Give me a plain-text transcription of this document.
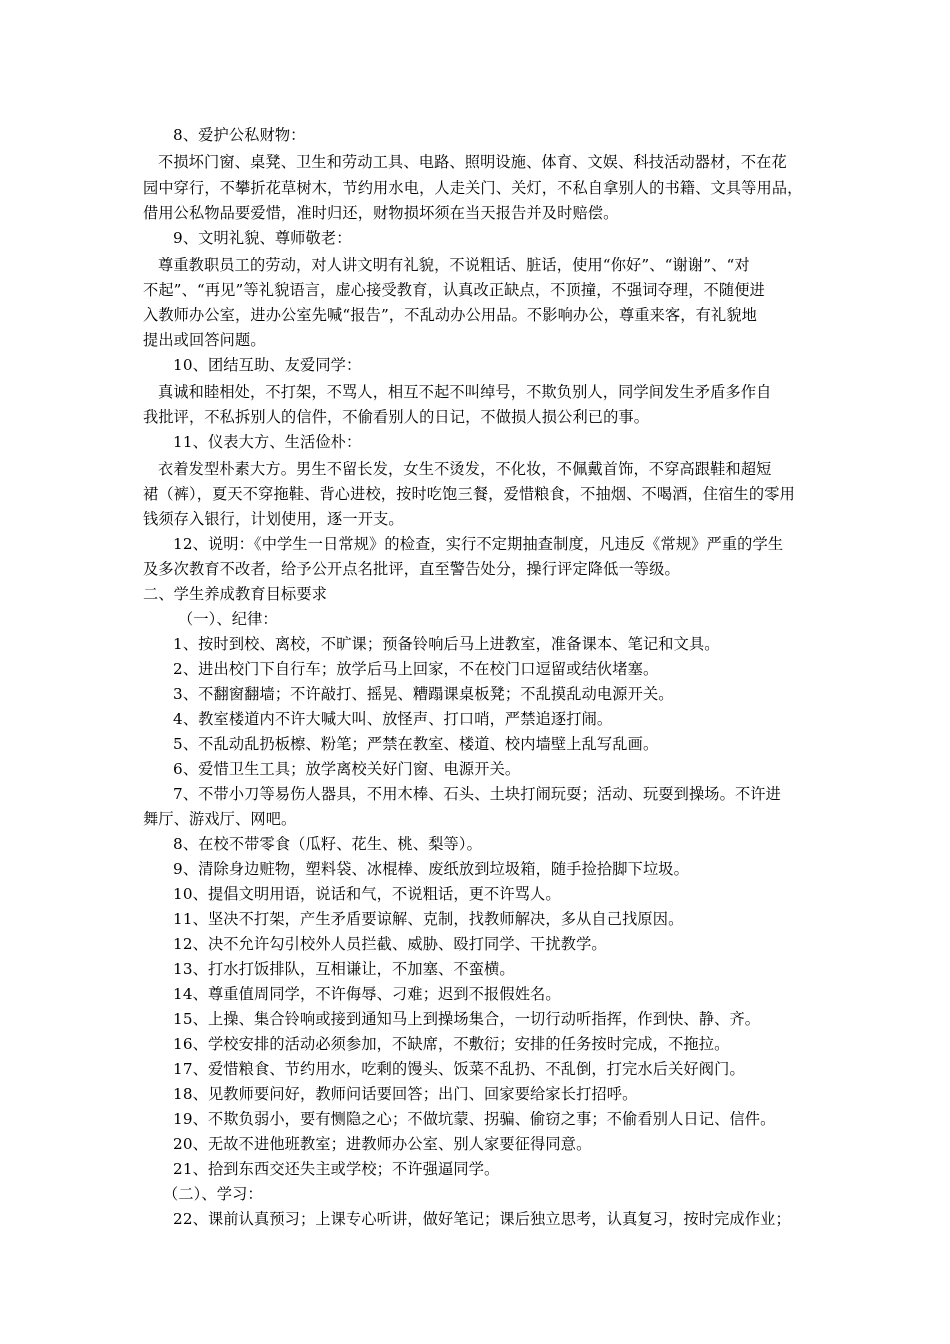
8、爱护公私财物：
不损坏门窗、桌凳、卫生和劳动工具、电路、照明设施、体育、文娱、科技活动器材，不在花
园中穿行，不攀折花草树木，节约用水电，人走关门、关灯，不私自拿别人的书籍、文具等用品，
借用公私物品要爱惜，准时归还，财物损坏须在当天报告并及时赔偿。
9、文明礼貌、尊师敬老：
尊重教职员工的劳动，对人讲文明有礼貌，不说粗话、脏话，使用“你好”、“谢谢”、“对
不起”、“再见”等礼貌语言，虚心接受教育，认真改正缺点，不顶撞，不强词夺理，不随便进
入教师办公室，进办公室先喊“报告”，不乱动办公用品。不影响办公，尊重来客，有礼貌地
提出或回答问题。
10、团结互助、友爱同学：
真诚和睦相处，不打架，不骂人，相互不起不叫绰号，不欺负别人，同学间发生矛盾多作自
我批评，不私拆别人的信件，不偷看别人的日记，不做损人损公利已的事。
11、仪表大方、生活俭朴：
衣着发型朴素大方。男生不留长发，女生不烫发，不化妆，不佩戴首饰，不穿高跟鞋和超短
裙（裤），夏天不穿拖鞋、背心进校，按时吃饱三餐，爱惜粮食，不抽烟、不喝酒，住宿生的零用
钱须存入银行，计划使用，逐一开支。
12、说明：《中学生一日常规》的检查，实行不定期抽查制度，凡违反《常规》严重的学生
及多次教育不改者，给予公开点名批评，直至警告处分，操行评定降低一等级。
二、学生养成教育目标要求
（一）、纪律：
1、按时到校、离校，不旷课；预备铃响后马上进教室，准备课本、笔记和文具。
2、进出校门下自行车；放学后马上回家，不在校门口逗留或结伙堵塞。
3、不翻窗翻墙；不许敲打、摇晃、糟蹋课桌板凳；不乱摸乱动电源开关。
4、教室楼道内不许大喊大叫、放怪声、打口哨，严禁追逐打闹。
5、不乱动乱扔板檫、粉笔；严禁在教室、楼道、校内墙壁上乱写乱画。
6、爱惜卫生工具；放学离校关好门窗、电源开关。
7、不带小刀等易伤人器具，不用木棒、石头、土块打闹玩耍；活动、玩耍到操场。不许进
舞厅、游戏厅、网吧。
8、在校不带零食（瓜籽、花生、桃、梨等）。
9、清除身边赃物，塑料袋、冰棍棒、废纸放到垃圾箱，随手捡拾脚下垃圾。
10、提倡文明用语，说话和气，不说粗话，更不许骂人。
11、坚决不打架，产生矛盾要谅解、克制，找教师解决，多从自己找原因。
12、决不允许勾引校外人员拦截、威胁、殴打同学、干扰教学。
13、打水打饭排队，互相谦让，不加塞、不蛮横。
14、尊重值周同学，不许侮辱、刁难；迟到不报假姓名。
15、上操、集合铃响或接到通知马上到操场集合，一切行动听指挥，作到快、静、齐。
16、学校安排的活动必须参加，不缺席，不敷衍；安排的任务按时完成，不拖拉。
17、爱惜粮食、节约用水，吃剩的馒头、饭菜不乱扔、不乱倒，打完水后关好阀门。
18、见教师要问好，教师问话要回答；出门、回家要给家长打招呼。
19、不欺负弱小，要有恻隐之心；不做坑蒙、拐骗、偷窃之事；不偷看别人日记、信件。
20、无故不进他班教室；进教师办公室、别人家要征得同意。
21、拾到东西交还失主或学校；不许强逼同学。
（二）、学习：
22、课前认真预习；上课专心听讲，做好笔记；课后独立思考，认真复习，按时完成作业；
